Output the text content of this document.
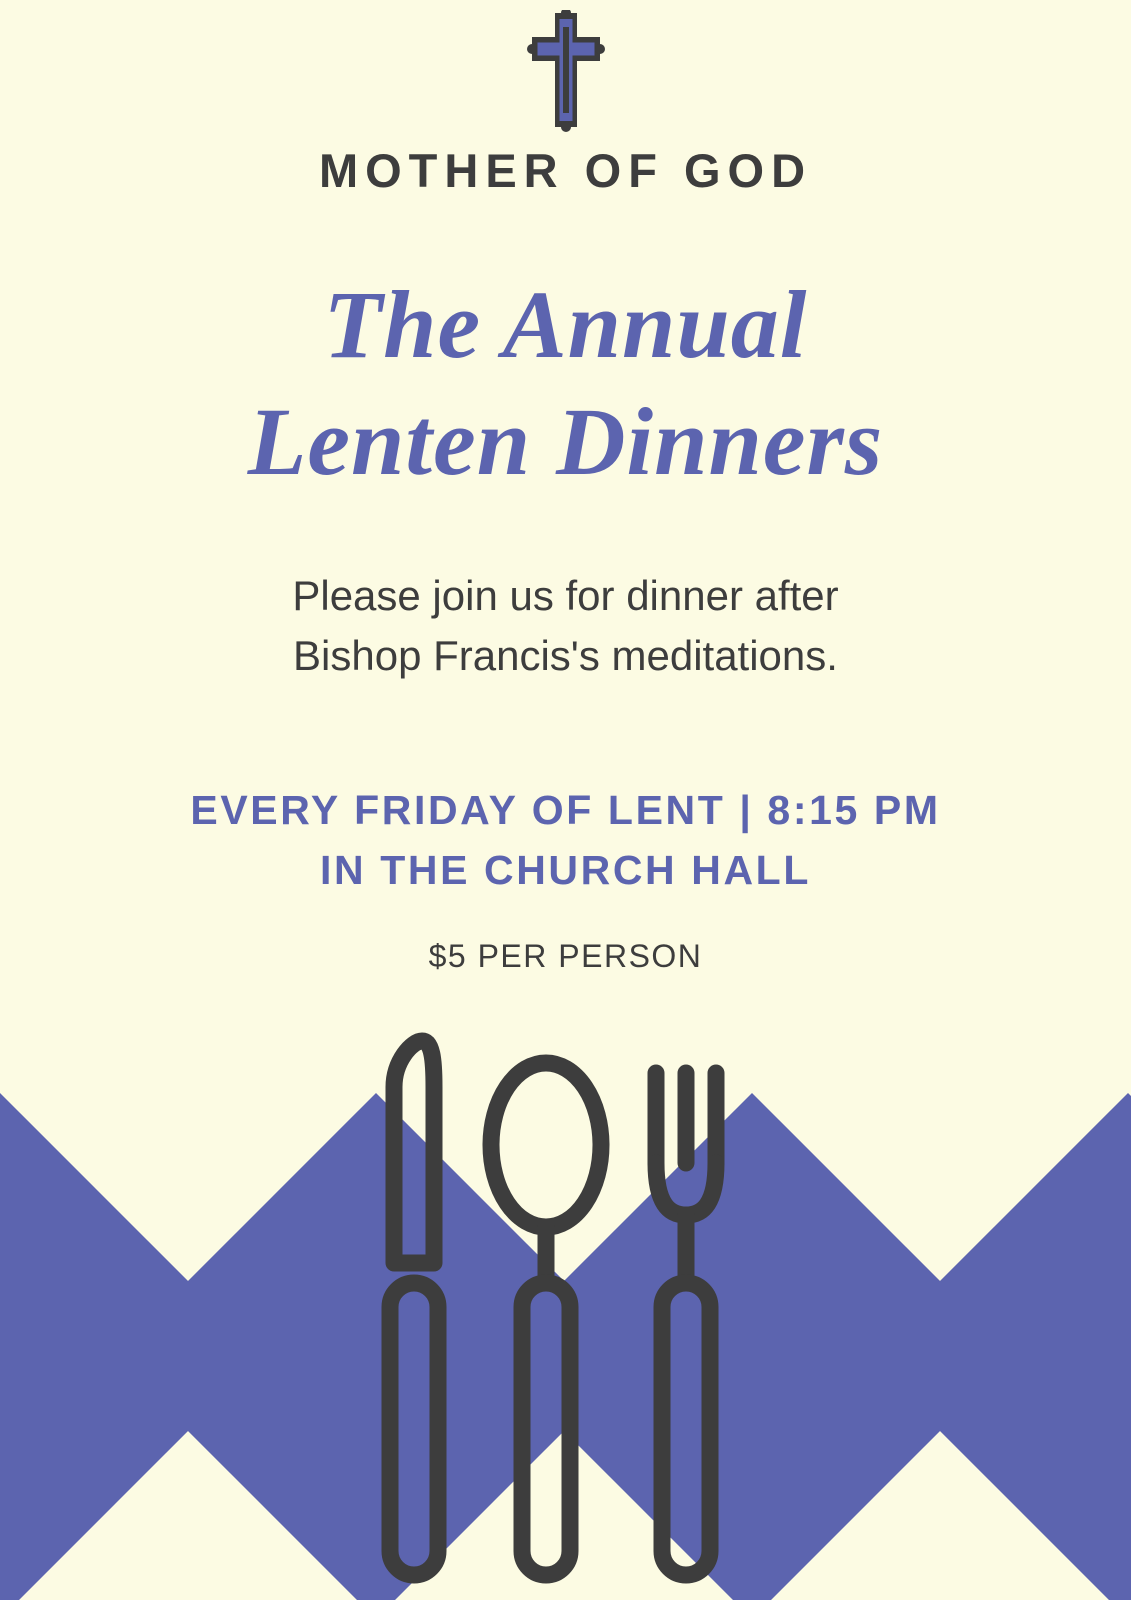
MOTHER OF GOD
The Annual
Lenten Dinners
Please join us for dinner after
Bishop Francis's meditations.
EVERY FRIDAY OF LENT | 8:15 PM
IN THE CHURCH HALL
$5 PER PERSON
